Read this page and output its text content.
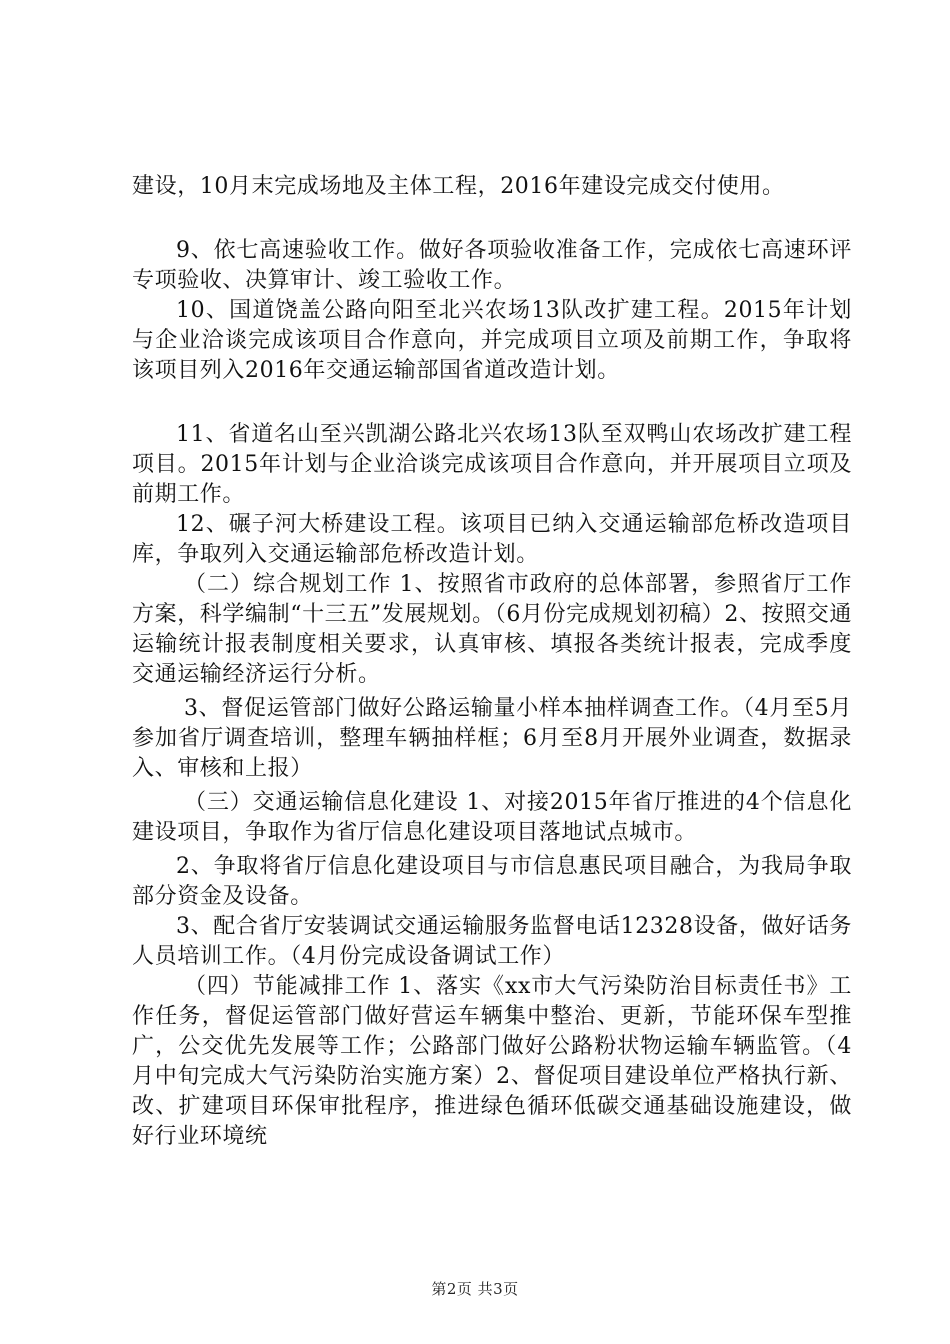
建设，10月末完成场地及主体工程，2016年建设完成交付使用。

9、依七高速验收工作。做好各项验收准备工作，完成依七高速环评专项验收、决算审计、竣工验收工作。

10、国道饶盖公路向阳至北兴农场13队改扩建工程。2015年计划与企业洽谈完成该项目合作意向，并完成项目立项及前期工作，争取将该项目列入2016年交通运输部国省道改造计划。

11、省道名山至兴凯湖公路北兴农场13队至双鸭山农场改扩建工程项目。2015年计划与企业洽谈完成该项目合作意向，并开展项目立项及前期工作。

12、碾子河大桥建设工程。该项目已纳入交通运输部危桥改造项目库，争取列入交通运输部危桥改造计划。

（二）综合规划工作 1、按照省市政府的总体部署，参照省厅工作方案，科学编制“十三五”发展规划。（6月份完成规划初稿）2、按照交通运输统计报表制度相关要求，认真审核、填报各类统计报表，完成季度交通运输经济运行分析。

3、督促运管部门做好公路运输量小样本抽样调查工作。（4月至5月参加省厅调查培训，整理车辆抽样框；6月至8月开展外业调查，数据录入、审核和上报）

（三）交通运输信息化建设 1、对接2015年省厅推进的4个信息化建设项目，争取作为省厅信息化建设项目落地试点城市。

2、争取将省厅信息化建设项目与市信息惠民项目融合，为我局争取部分资金及设备。

3、配合省厅安装调试交通运输服务监督电话12328设备，做好话务人员培训工作。（4月份完成设备调试工作）

（四）节能减排工作 1、落实《xx市大气污染防治目标责任书》工作任务，督促运管部门做好营运车辆集中整治、更新，节能环保车型推广，公交优先发展等工作；公路部门做好公路粉状物运输车辆监管。（4月中旬完成大气污染防治实施方案）2、督促项目建设单位严格执行新、改、扩建项目环保审批程序，推进绿色循环低碳交通基础设施建设，做好行业环境统

第2页 共3页
